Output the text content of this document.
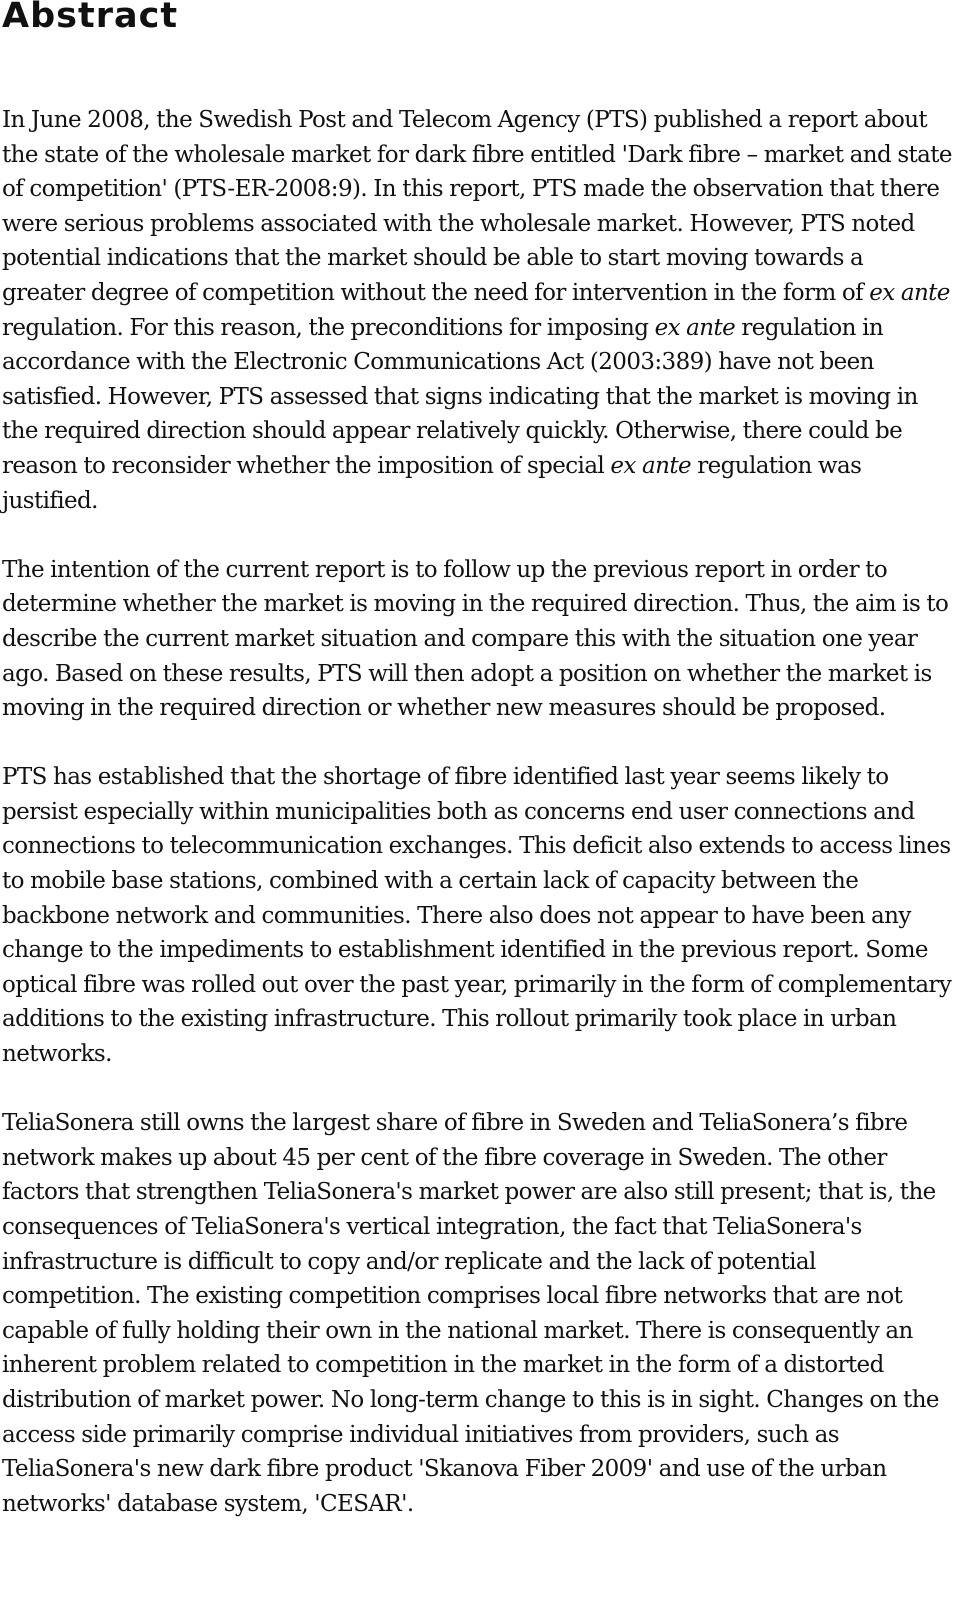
Abstract

In June 2008, the Swedish Post and Telecom Agency (PTS) published a report about the state of the wholesale market for dark fibre entitled 'Dark fibre – market and state of competition' (PTS-ER-2008:9). In this report, PTS made the observation that there were serious problems associated with the wholesale market. However, PTS noted potential indications that the market should be able to start moving towards a greater degree of competition without the need for intervention in the form of ex ante regulation. For this reason, the preconditions for imposing ex ante regulation in accordance with the Electronic Communications Act (2003:389) have not been satisfied. However, PTS assessed that signs indicating that the market is moving in the required direction should appear relatively quickly. Otherwise, there could be reason to reconsider whether the imposition of special ex ante regulation was justified.

The intention of the current report is to follow up the previous report in order to determine whether the market is moving in the required direction. Thus, the aim is to describe the current market situation and compare this with the situation one year ago. Based on these results, PTS will then adopt a position on whether the market is moving in the required direction or whether new measures should be proposed.

PTS has established that the shortage of fibre identified last year seems likely to persist especially within municipalities both as concerns end user connections and connections to telecommunication exchanges. This deficit also extends to access lines to mobile base stations, combined with a certain lack of capacity between the backbone network and communities. There also does not appear to have been any change to the impediments to establishment identified in the previous report. Some optical fibre was rolled out over the past year, primarily in the form of complementary additions to the existing infrastructure. This rollout primarily took place in urban networks.

TeliaSonera still owns the largest share of fibre in Sweden and TeliaSonera’s fibre network makes up about 45 per cent of the fibre coverage in Sweden. The other factors that strengthen TeliaSonera's market power are also still present; that is, the consequences of TeliaSonera's vertical integration, the fact that TeliaSonera's infrastructure is difficult to copy and/or replicate and the lack of potential competition. The existing competition comprises local fibre networks that are not capable of fully holding their own in the national market. There is consequently an inherent problem related to competition in the market in the form of a distorted distribution of market power. No long-term change to this is in sight. Changes on the access side primarily comprise individual initiatives from providers, such as TeliaSonera's new dark fibre product 'Skanova Fiber 2009' and use of the urban networks' database system, 'CESAR'.
